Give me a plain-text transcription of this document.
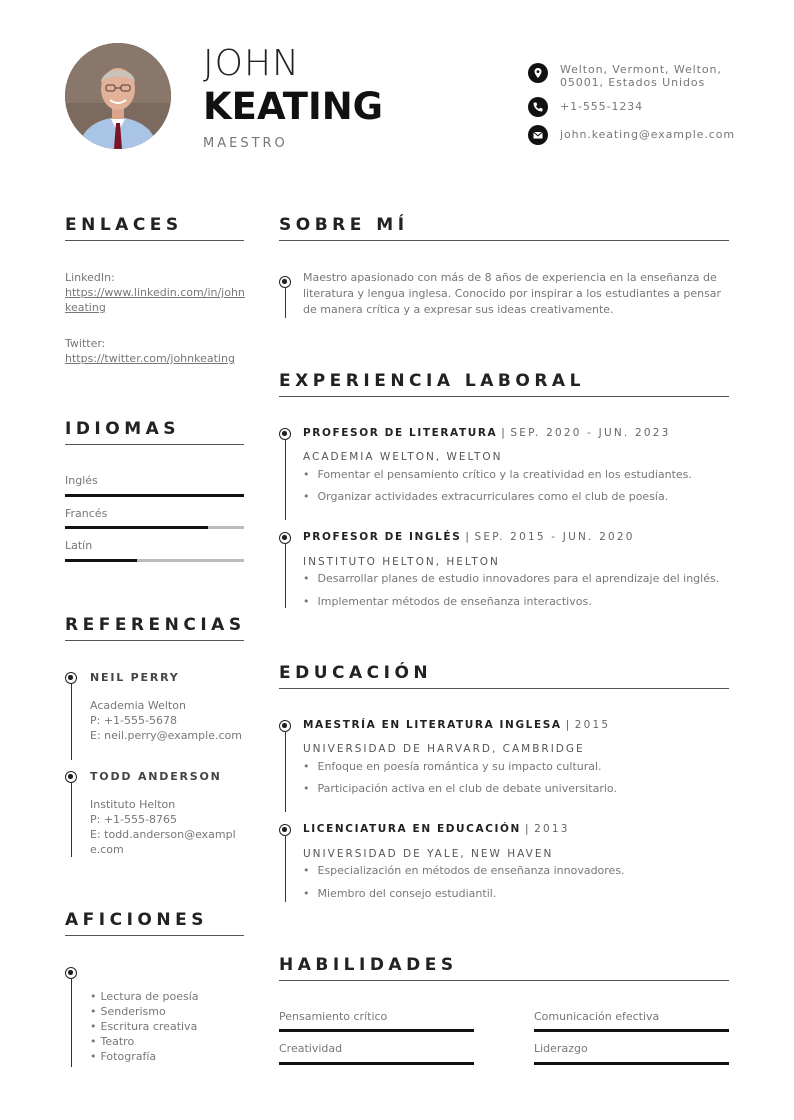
JOHN
KEATING
MAESTRO
Welton, Vermont, Welton, 05001, Estados Unidos
+1-555-1234
john.keating@example.com
ENLACES
LinkedIn:
https://www.linkedin.com/in/johnkeating
Twitter:
https://twitter.com/johnkeating
IDIOMAS
Inglés
Francés
Latín
REFERENCIAS
NEIL PERRY
Academia Welton
P: +1-555-5678
E: neil.perry@example.com
TODD ANDERSON
Instituto Helton
P: +1-555-8765
E: todd.anderson@example.com
AFICIONES
• Lectura de poesía
• Senderismo
• Escritura creativa
• Teatro
• Fotografía
SOBRE MÍ
Maestro apasionado con más de 8 años de experiencia en la enseñanza de literatura y lengua inglesa. Conocido por inspirar a los estudiantes a pensar de manera crítica y a expresar sus ideas creativamente.
EXPERIENCIA LABORAL
PROFESOR DE LITERATURA | SEP. 2020 - JUN. 2023
ACADEMIA WELTON, WELTON
• Fomentar el pensamiento crítico y la creatividad en los estudiantes.
• Organizar actividades extracurriculares como el club de poesía.
PROFESOR DE INGLÉS | SEP. 2015 - JUN. 2020
INSTITUTO HELTON, HELTON
• Desarrollar planes de estudio innovadores para el aprendizaje del inglés.
• Implementar métodos de enseñanza interactivos.
EDUCACIÓN
MAESTRÍA EN LITERATURA INGLESA | 2015
UNIVERSIDAD DE HARVARD, CAMBRIDGE
• Enfoque en poesía romántica y su impacto cultural.
• Participación activa en el club de debate universitario.
LICENCIATURA EN EDUCACIÓN | 2013
UNIVERSIDAD DE YALE, NEW HAVEN
• Especialización en métodos de enseñanza innovadores.
• Miembro del consejo estudiantil.
HABILIDADES
Pensamiento crítico	Comunicación efectiva
Creatividad	Liderazgo
